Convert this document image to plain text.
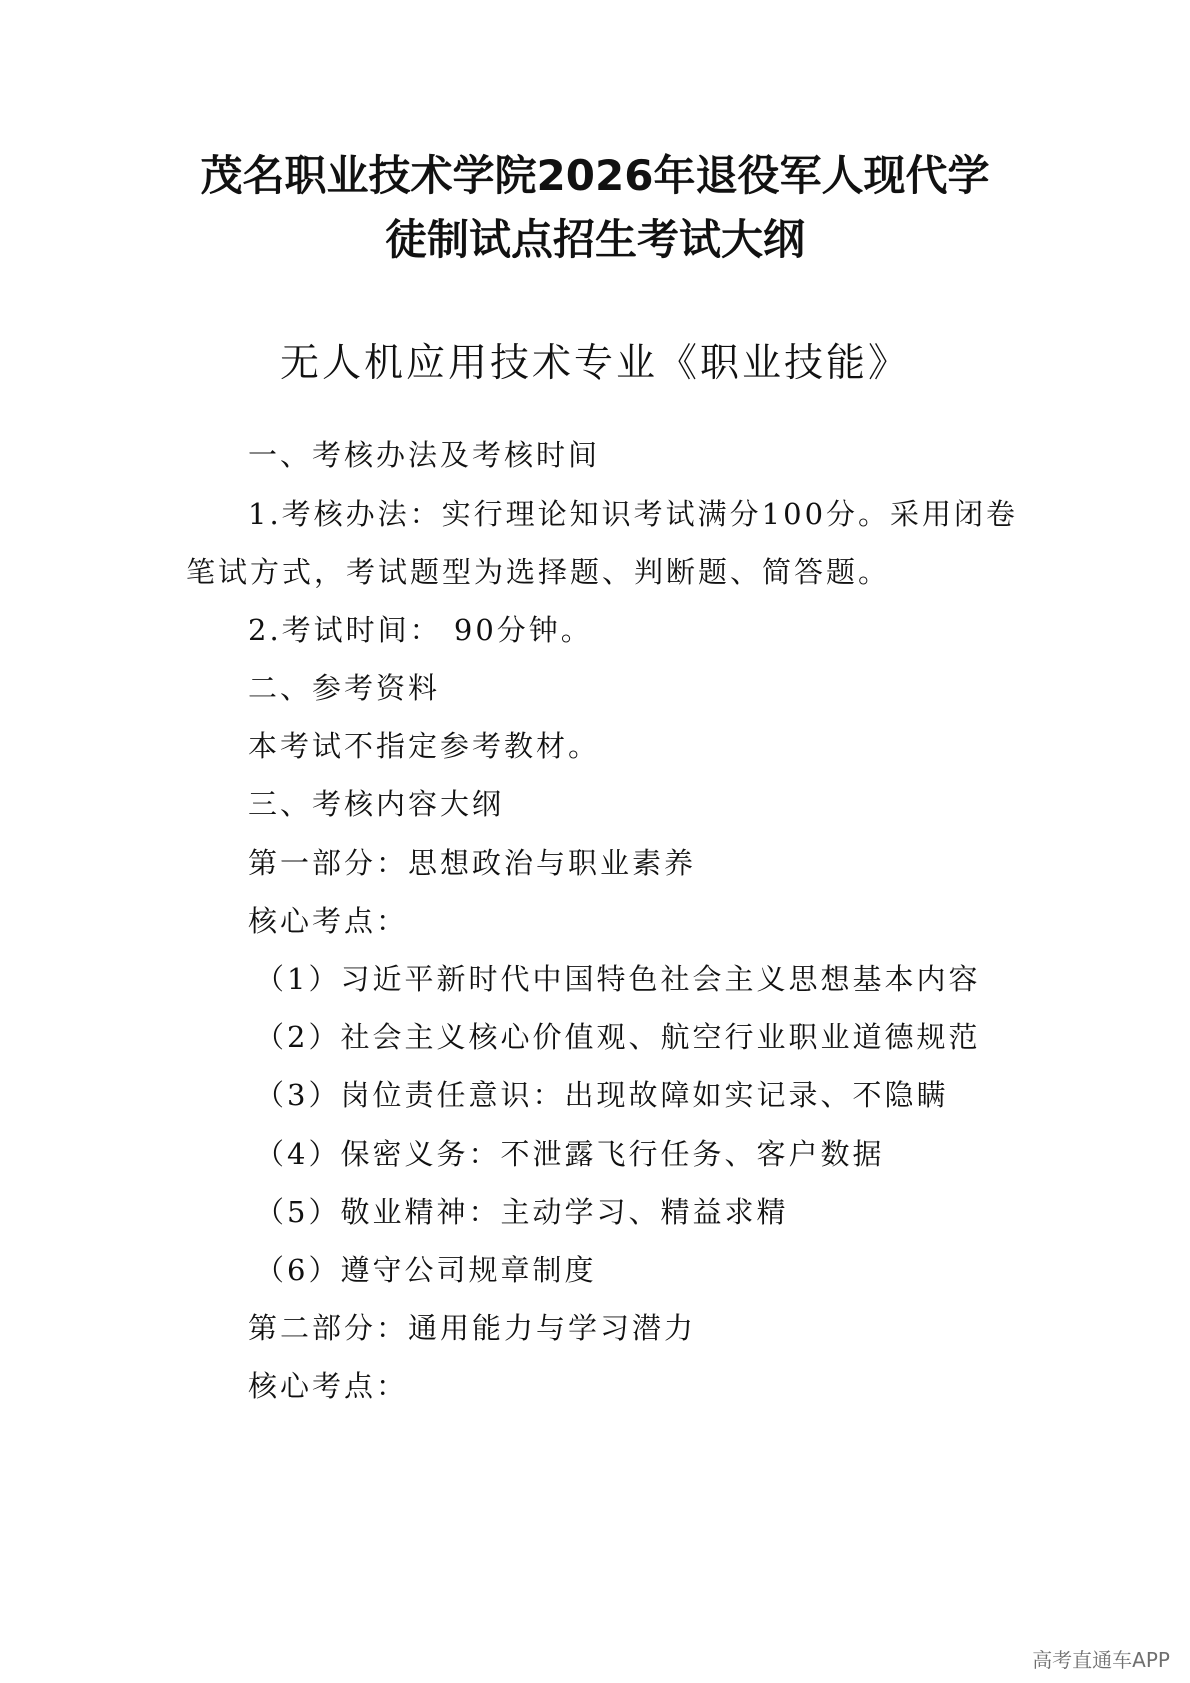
茂名职业技术学院2026年退役军人现代学
徒制试点招生考试大纲
无人机应用技术专业《职业技能》
一、考核办法及考核时间
1.考核办法：实行理论知识考试满分100分。采用闭卷
笔试方式，考试题型为选择题、判断题、简答题。
2.考试时间： 90分钟。
二、参考资料
本考试不指定参考教材。
三、考核内容大纲
第一部分：思想政治与职业素养
核心考点：
（1）习近平新时代中国特色社会主义思想基本内容
（2）社会主义核心价值观、航空行业职业道德规范
（3）岗位责任意识：出现故障如实记录、不隐瞒
（4）保密义务：不泄露飞行任务、客户数据
（5）敬业精神：主动学习、精益求精
（6）遵守公司规章制度
第二部分：通用能力与学习潜力
核心考点：
高考直通车APP
